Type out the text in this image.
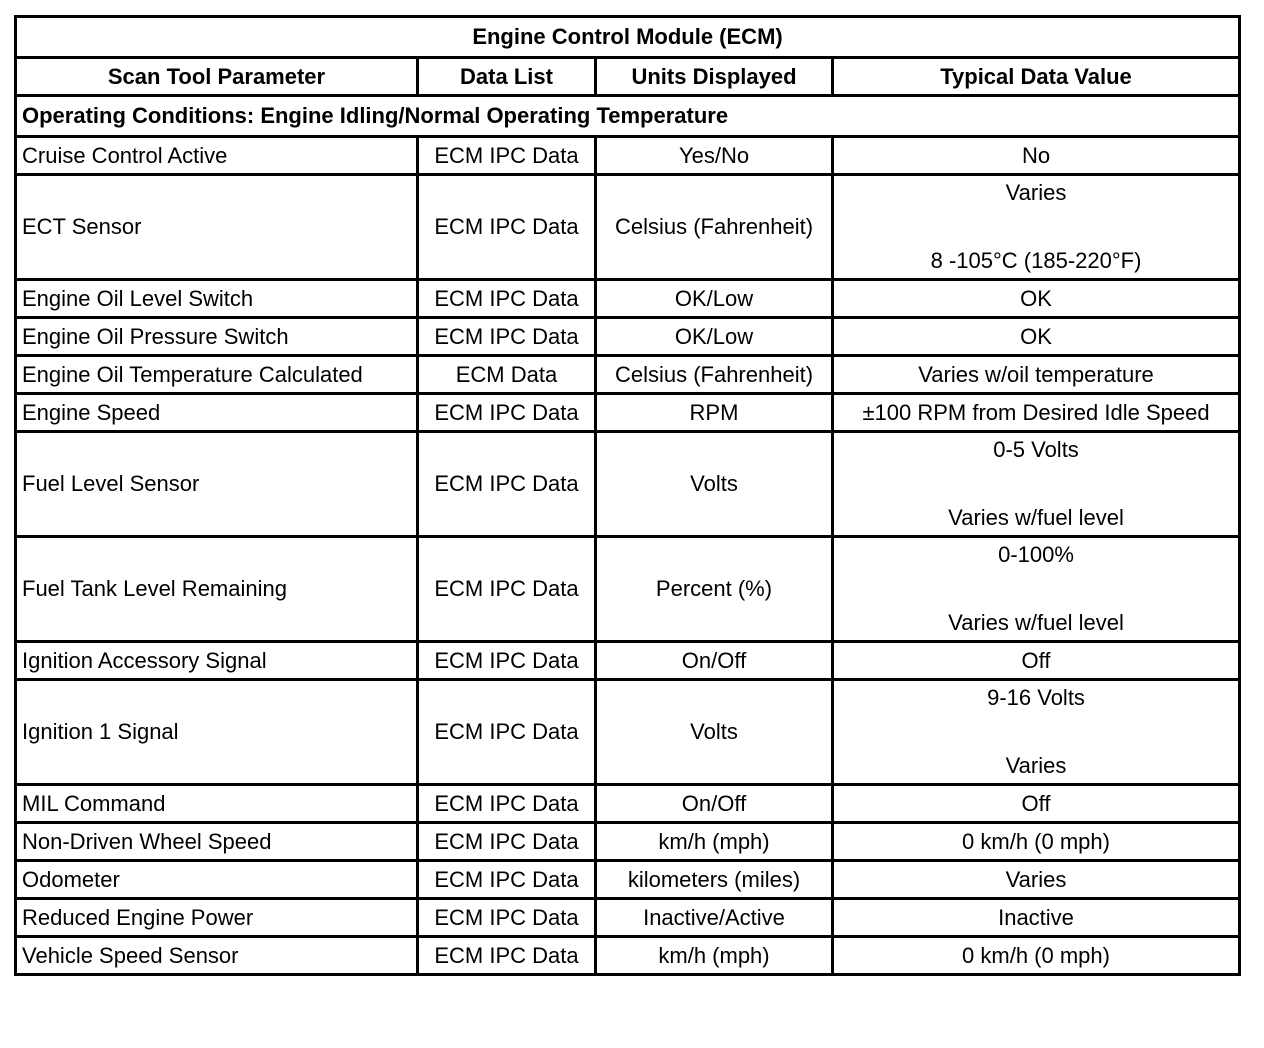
Engine Control Module (ECM)			
Scan Tool Parameter	Data List	Units Displayed	Typical Data Value
Operating Conditions: Engine Idling/Normal Operating Temperature			
Cruise Control Active	ECM IPC Data	Yes/No	No
ECT Sensor	ECM IPC Data	Celsius (Fahrenheit)	Varies
8 -105°C (185-220°F)

Engine Oil Level Switch	ECM IPC Data	OK/Low	OK
Engine Oil Pressure Switch	ECM IPC Data	OK/Low	OK
Engine Oil Temperature Calculated	ECM Data	Celsius (Fahrenheit)	Varies w/oil temperature
Engine Speed	ECM IPC Data	RPM	±100 RPM from Desired Idle Speed
Fuel Level Sensor	ECM IPC Data	Volts	0-5 Volts
Varies w/fuel level

Fuel Tank Level Remaining	ECM IPC Data	Percent (%)	0-100%
Varies w/fuel level

Ignition Accessory Signal	ECM IPC Data	On/Off	Off
Ignition 1 Signal	ECM IPC Data	Volts	9-16 Volts
Varies

MIL Command	ECM IPC Data	On/Off	Off
Non-Driven Wheel Speed	ECM IPC Data	km/h (mph)	0 km/h (0 mph)
Odometer	ECM IPC Data	kilometers (miles)	Varies
Reduced Engine Power	ECM IPC Data	Inactive/Active	Inactive
Vehicle Speed Sensor	ECM IPC Data	km/h (mph)	0 km/h (0 mph)
